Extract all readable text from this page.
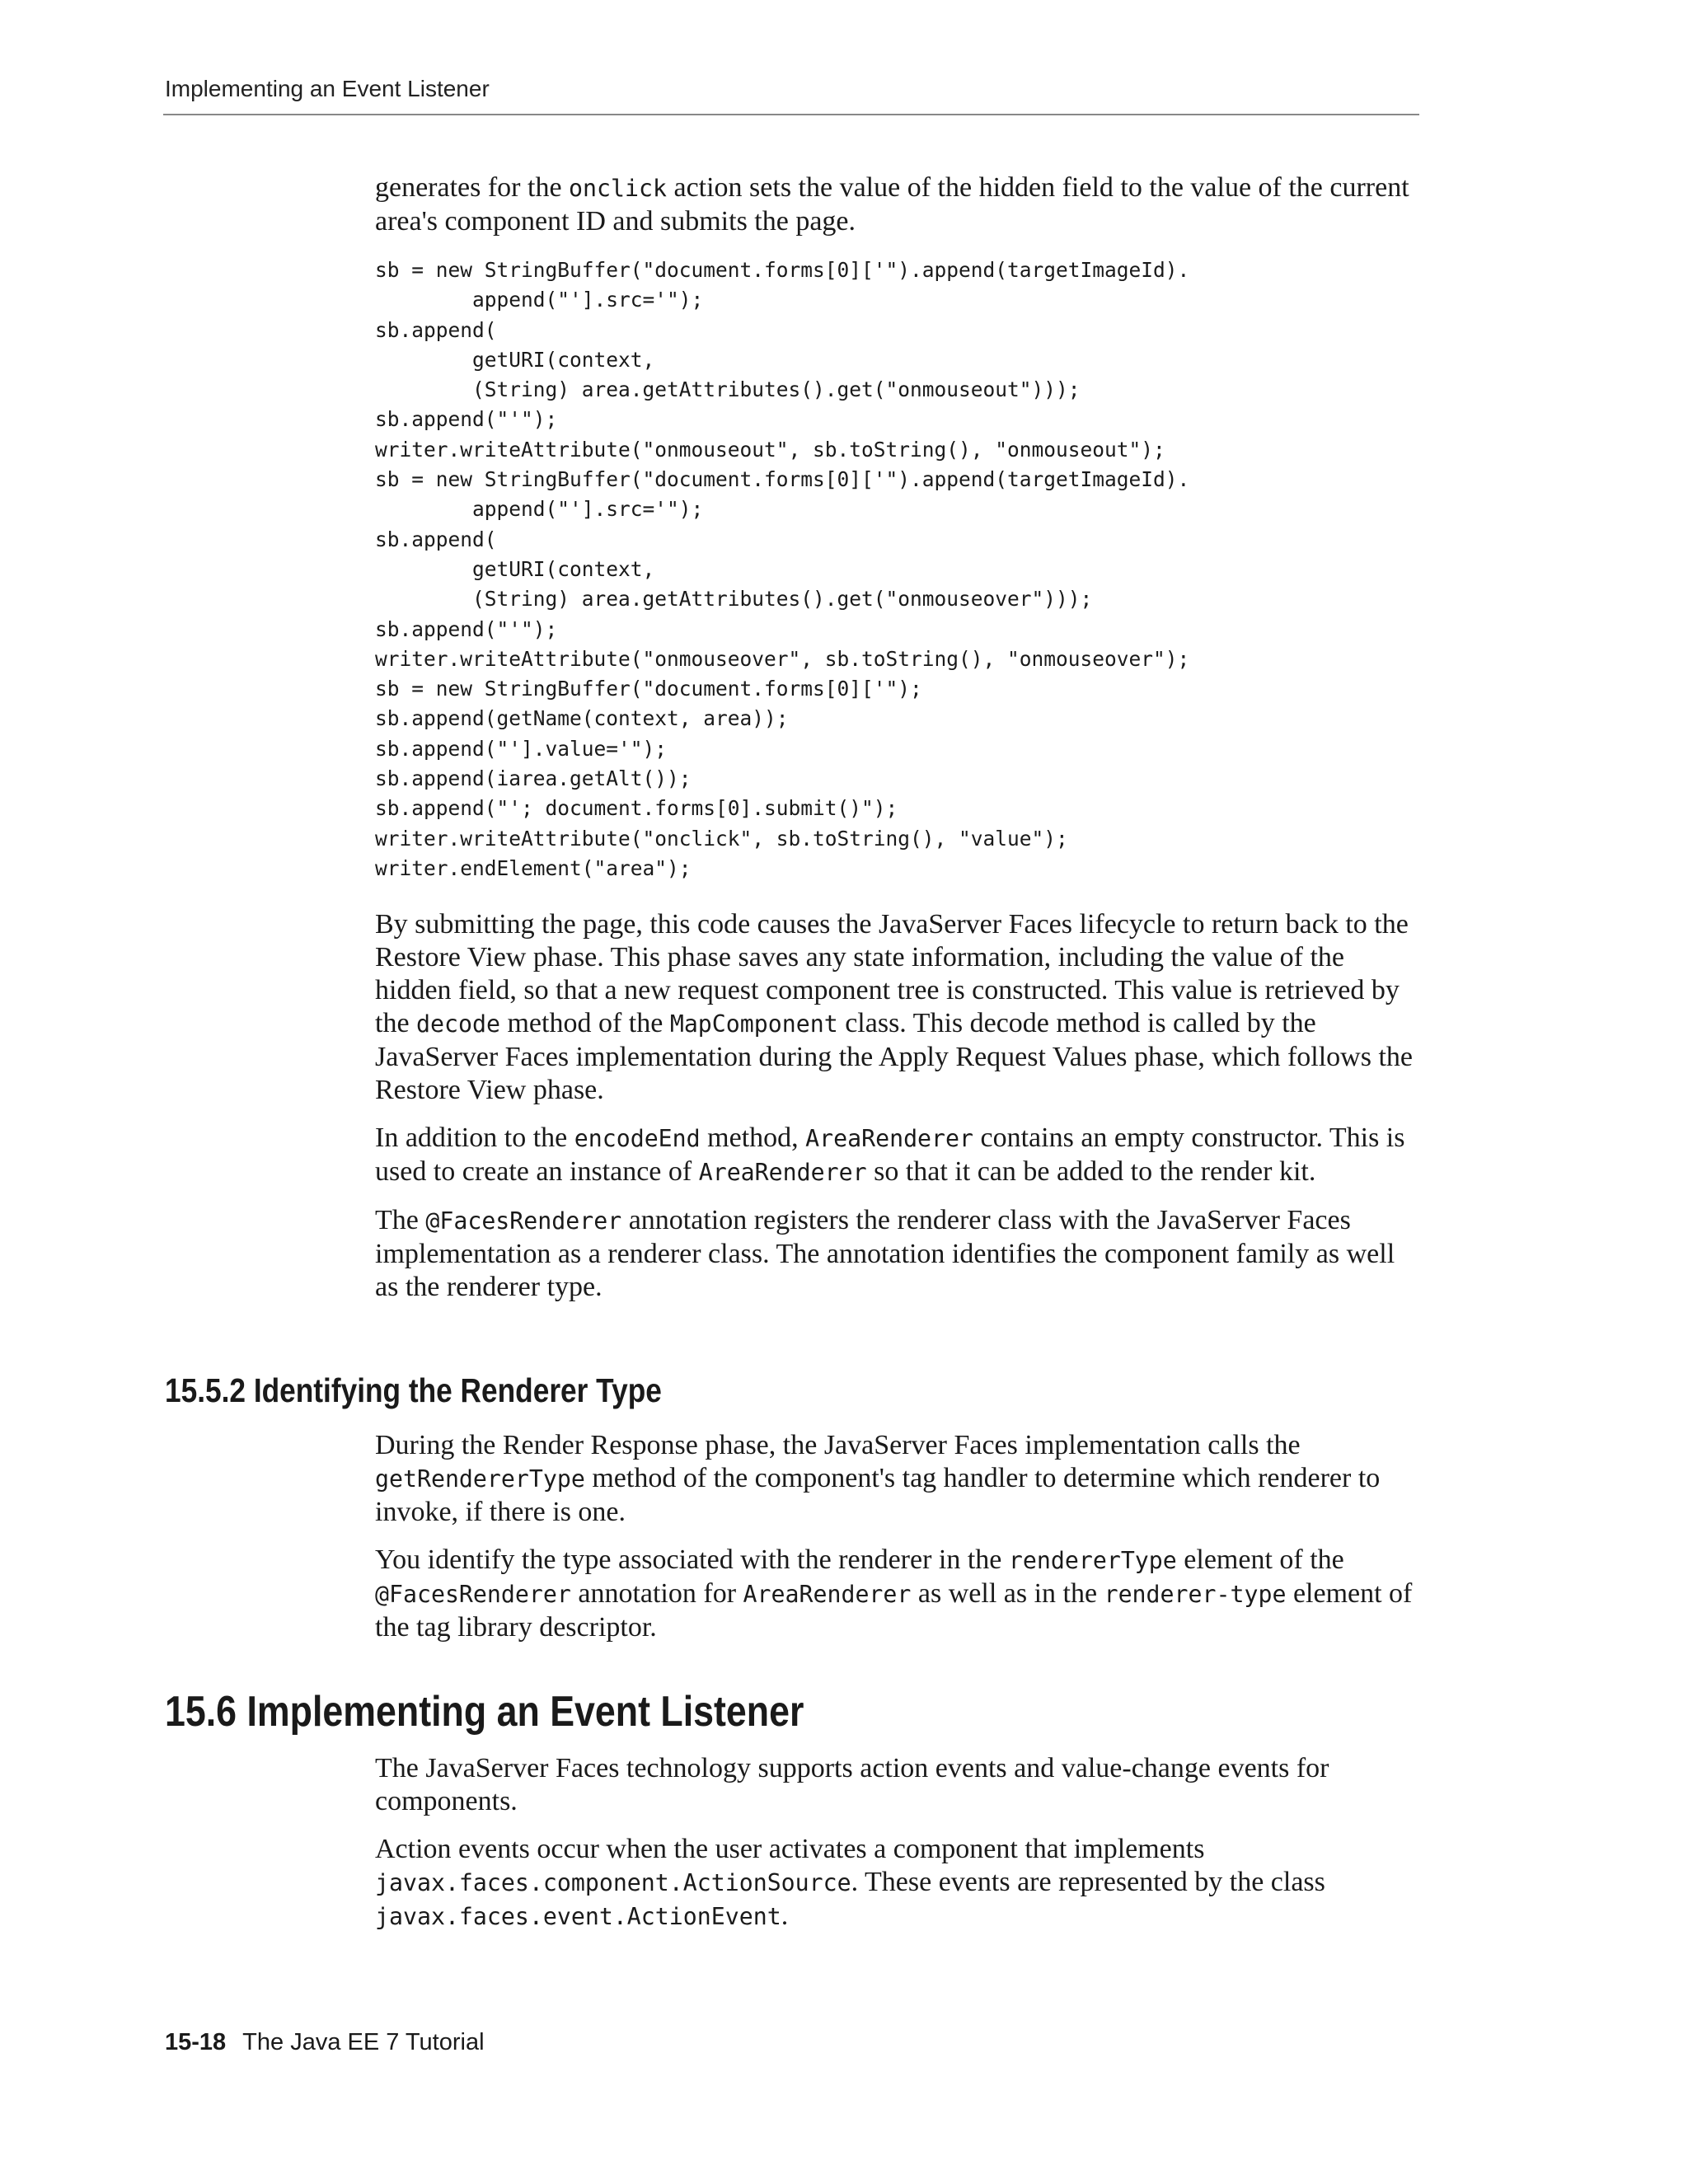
Implementing an Event Listener

generates for the onclick action sets the value of the hidden field to the value of the current area's component ID and submits the page.

sb = new StringBuffer("document.forms[0]['").append(targetImageId).
append("'].src='");
sb.append(
getURI(context,
(String) area.getAttributes().get("onmouseout")));
sb.append("'");
writer.writeAttribute("onmouseout", sb.toString(), "onmouseout");
sb = new StringBuffer("document.forms[0]['").append(targetImageId).
append("'].src='");
sb.append(
getURI(context,
(String) area.getAttributes().get("onmouseover")));
sb.append("'");
writer.writeAttribute("onmouseover", sb.toString(), "onmouseover");
sb = new StringBuffer("document.forms[0]['");
sb.append(getName(context, area));
sb.append("'].value='");
sb.append(iarea.getAlt());
sb.append("'; document.forms[0].submit()");
writer.writeAttribute("onclick", sb.toString(), "value");
writer.endElement("area");

By submitting the page, this code causes the JavaServer Faces lifecycle to return back to the Restore View phase. This phase saves any state information, including the value of the hidden field, so that a new request component tree is constructed. This value is retrieved by the decode method of the MapComponent class. This decode method is called by the JavaServer Faces implementation during the Apply Request Values phase, which follows the Restore View phase.

In addition to the encodeEnd method, AreaRenderer contains an empty constructor. This is used to create an instance of AreaRenderer so that it can be added to the render kit.

The @FacesRenderer annotation registers the renderer class with the JavaServer Faces implementation as a renderer class. The annotation identifies the component family as well as the renderer type.

15.5.2 Identifying the Renderer Type

During the Render Response phase, the JavaServer Faces implementation calls the getRendererType method of the component's tag handler to determine which renderer to invoke, if there is one.

You identify the type associated with the renderer in the rendererType element of the @FacesRenderer annotation for AreaRenderer as well as in the renderer-type element of the tag library descriptor.

15.6 Implementing an Event Listener

The JavaServer Faces technology supports action events and value-change events for components.

Action events occur when the user activates a component that implements javax.faces.component.ActionSource. These events are represented by the class javax.faces.event.ActionEvent.

15-18 The Java EE 7 Tutorial
